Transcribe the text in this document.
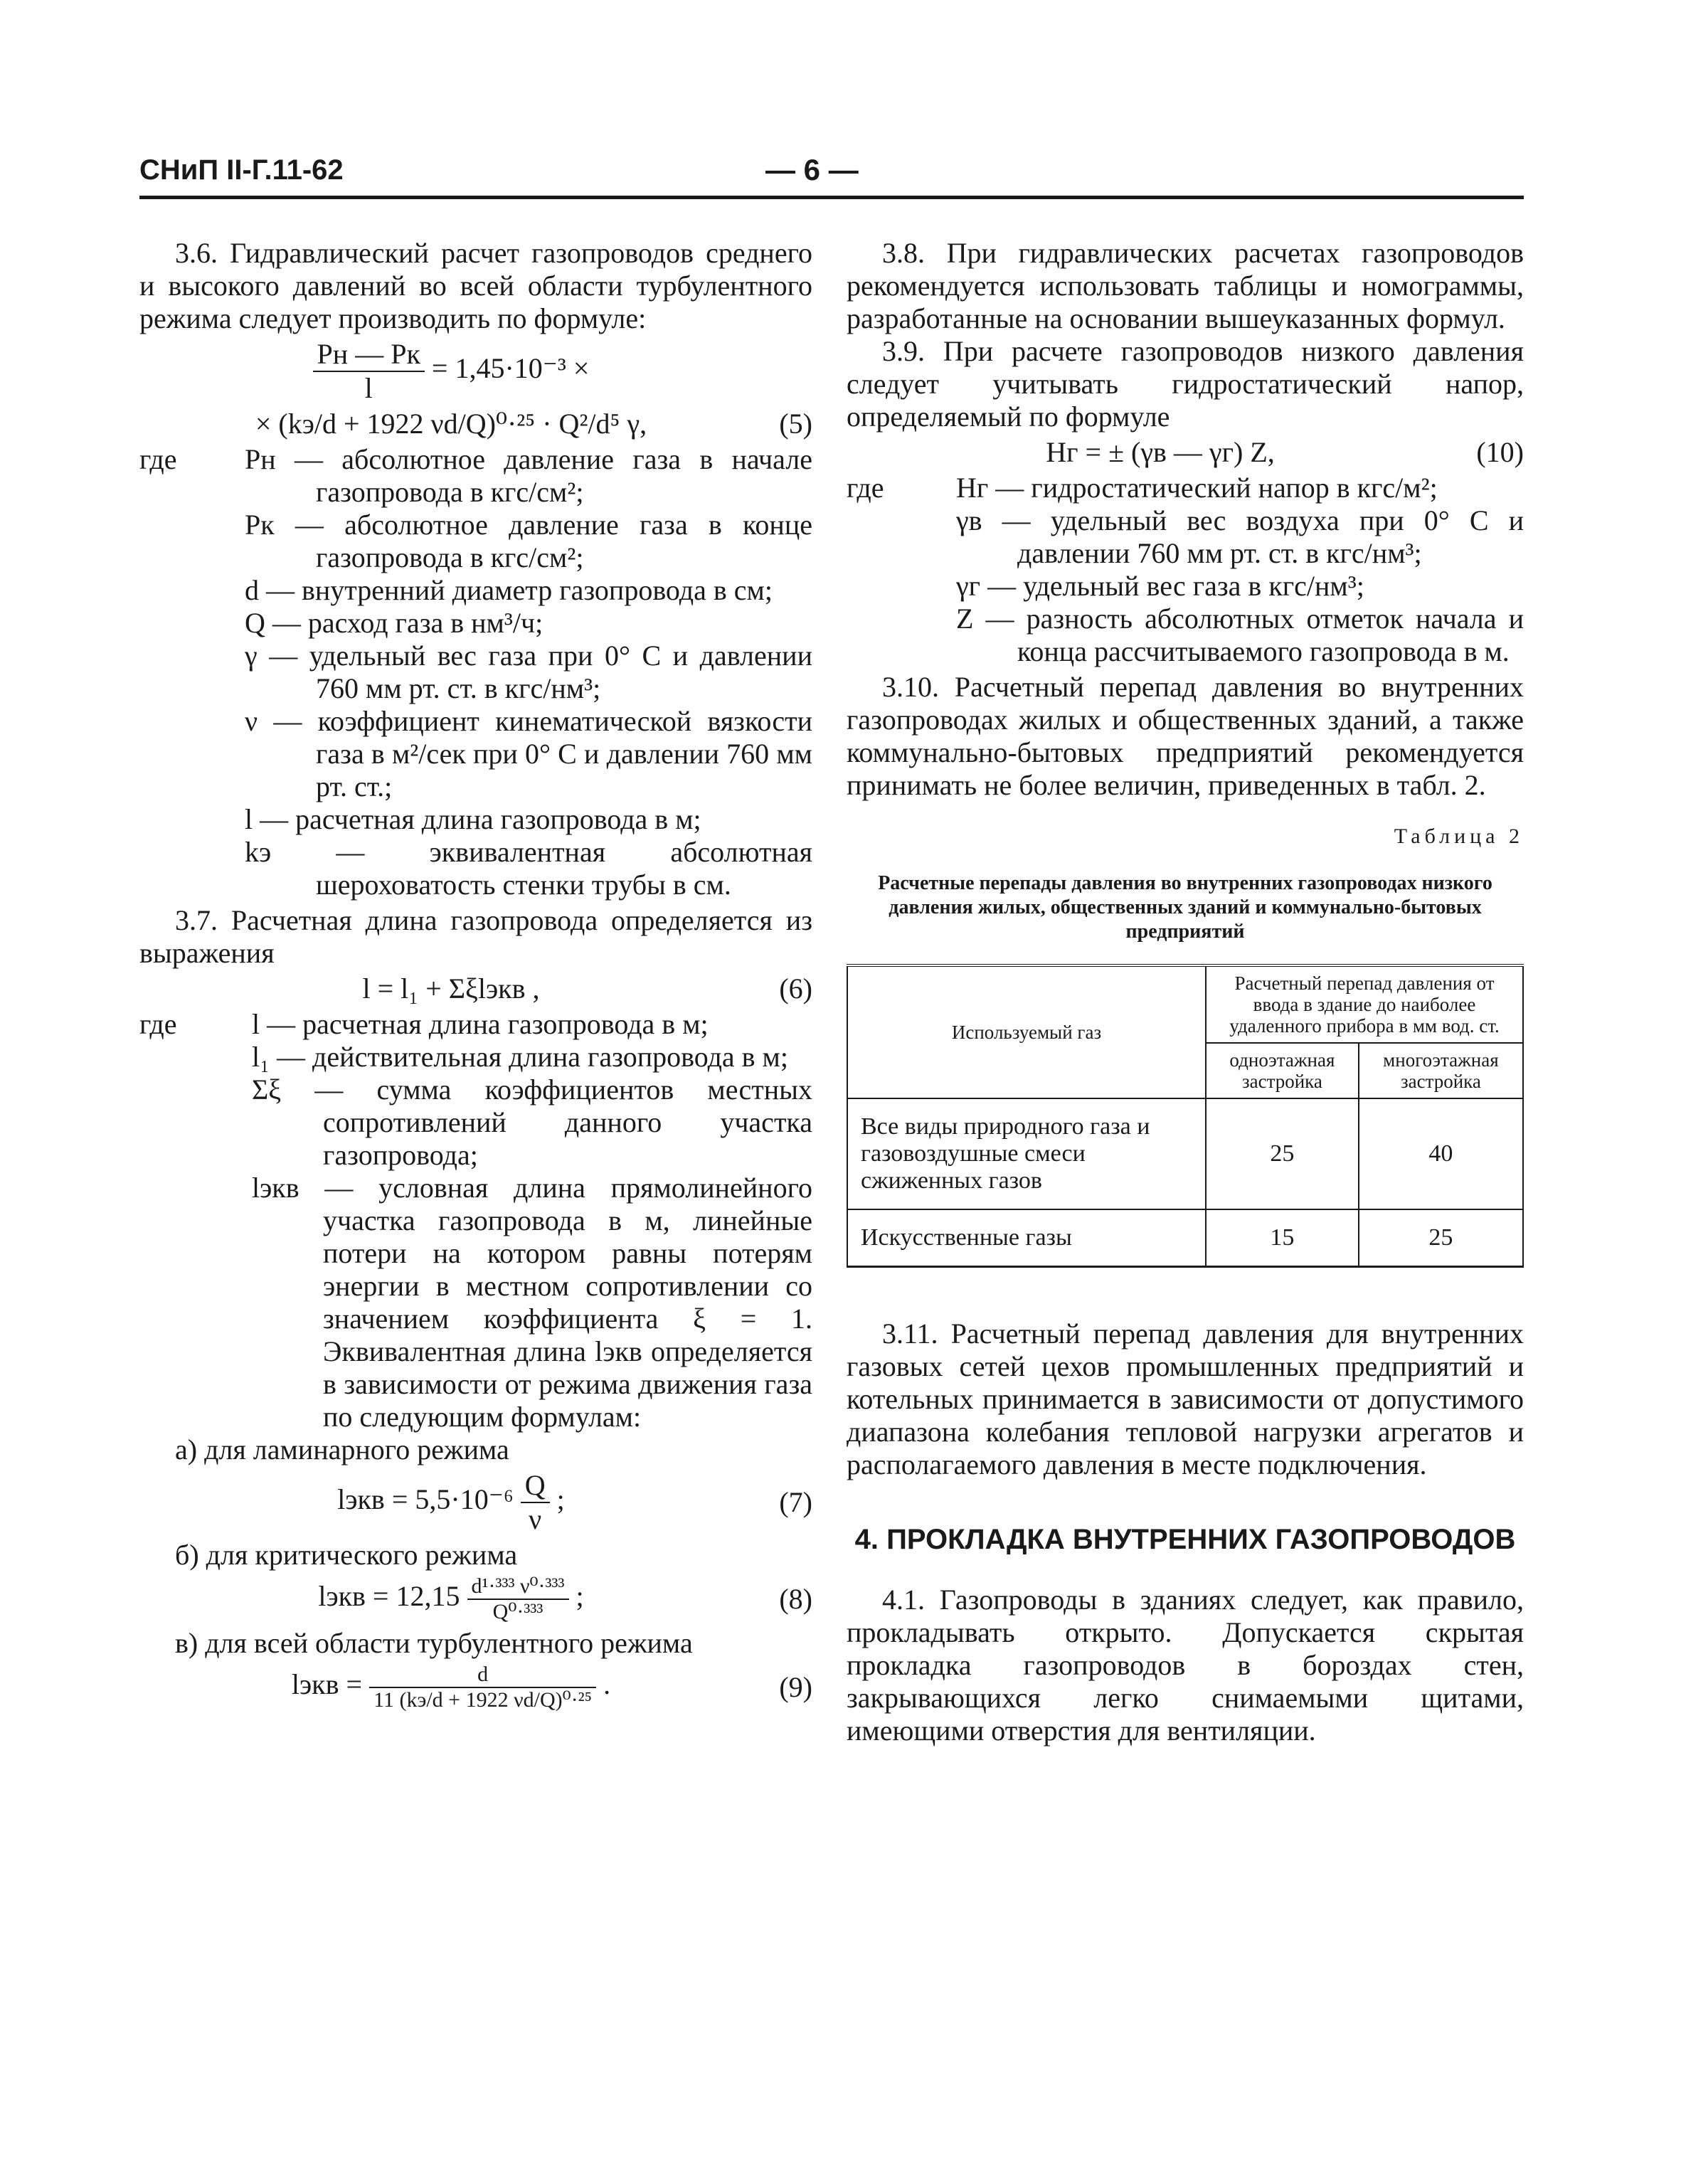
СНиП II-Г.11-62	— 6 —

3.6. Гидравлический расчет газопроводов среднего и высокого давлений во всей области турбулентного режима следует производить по формуле:

$\frac{Pн — Pк}{l} = 1,45\cdot 10^{-3}$ ×
× (kэ/d + 1922 νd/Q)⁰·²⁵ · Q²/d⁵ γ,	(5)

где Pн — абсолютное давление газа в начале газопровода в кгс/см²;

Pк — абсолютное давление газа в конце газопровода в кгс/см²;

d — внутренний диаметр газопровода в см;

Q — расход газа в нм³/ч;

γ — удельный вес газа при 0° С и давлении 760 мм рт. ст. в кгс/нм³;

ν — коэффициент кинематической вязкости газа в м²/сек при 0° С и давлении 760 мм рт. ст.;

l — расчетная длина газопровода в м;

kэ — эквивалентная абсолютная шероховатость стенки трубы в см.

3.7. Расчетная длина газопровода определяется из выражения

l = l₁ + Σξlэкв ,	(6)

где	l — расчетная длина газопровода в м;

l₁ — действительная длина газопровода в м;

Σξ — сумма коэффициентов местных сопротивлений данного участка газопровода;

lэкв — условная длина прямолинейного участка газопровода в м, линейные потери на котором равны потерям энергии в местном сопротивлении со значением коэффициента ξ = 1. Эквивалентная длина lэкв определяется в зависимости от режима движения газа по следующим формулам:

а) для ламинарного режима

lэкв = $5,5\cdot 10^{-6} \frac{Q}{\nu}$ ;	(7)

б) для критического режима

lэкв = $12,15 \frac{\text{d¹·³³³ ν⁰·³³³}}{\text{Q⁰·³³³}}$ ;	(8)

в) для всей области турбулентного режима

lэкв = $\frac{d}{\text{11 (kэ/d + 1922 νd/Q)⁰·²⁵}}$ .	(9)

3.8. При гидравлических расчетах газопроводов рекомендуется использовать таблицы и номограммы, разработанные на основании вышеуказанных формул.

3.9. При расчете газопроводов низкого давления следует учитывать гидростатический напор, определяемый по формуле

Hг = ± (γв — γг) Z,	(10)

где	Hг — гидростатический напор в кгс/м²;

γв — удельный вес воздуха при 0° С и давлении 760 мм рт. ст. в кгс/нм³;

γг — удельный вес газа в кгс/нм³;

Z — разность абсолютных отметок начала и конца рассчитываемого газопровода в м.

3.10. Расчетный перепад давления во внутренних газопроводах жилых и общественных зданий, а также коммунально-бытовых предприятий рекомендуется принимать не более величин, приведенных в табл. 2.

Таблица 2
Расчетные перепады давления во внутренних газопроводах низкого давления жилых, общественных зданий и коммунально-бытовых предприятий
Используемый газ	Расчетный перепад давления от ввода в здание до наиболее удаленного прибора в мм вод. ст.	
	одноэтажная застройка	многоэтажная застройка
Все виды природного газа и газовоздушные смеси сжиженных газов	25	40
Искусственные газы	15	25

3.11. Расчетный перепад давления для внутренних газовых сетей цехов промышленных предприятий и котельных принимается в зависимости от допустимого диапазона колебания тепловой нагрузки агрегатов и располагаемого давления в месте подключения.

4. ПРОКЛАДКА ВНУТРЕННИХ ГАЗОПРОВОДОВ

4.1. Газопроводы в зданиях следует, как правило, прокладывать открыто. Допускается скрытая прокладка газопроводов в бороздах стен, закрывающихся легко снимаемыми щитами, имеющими отверстия для вентиляции.
